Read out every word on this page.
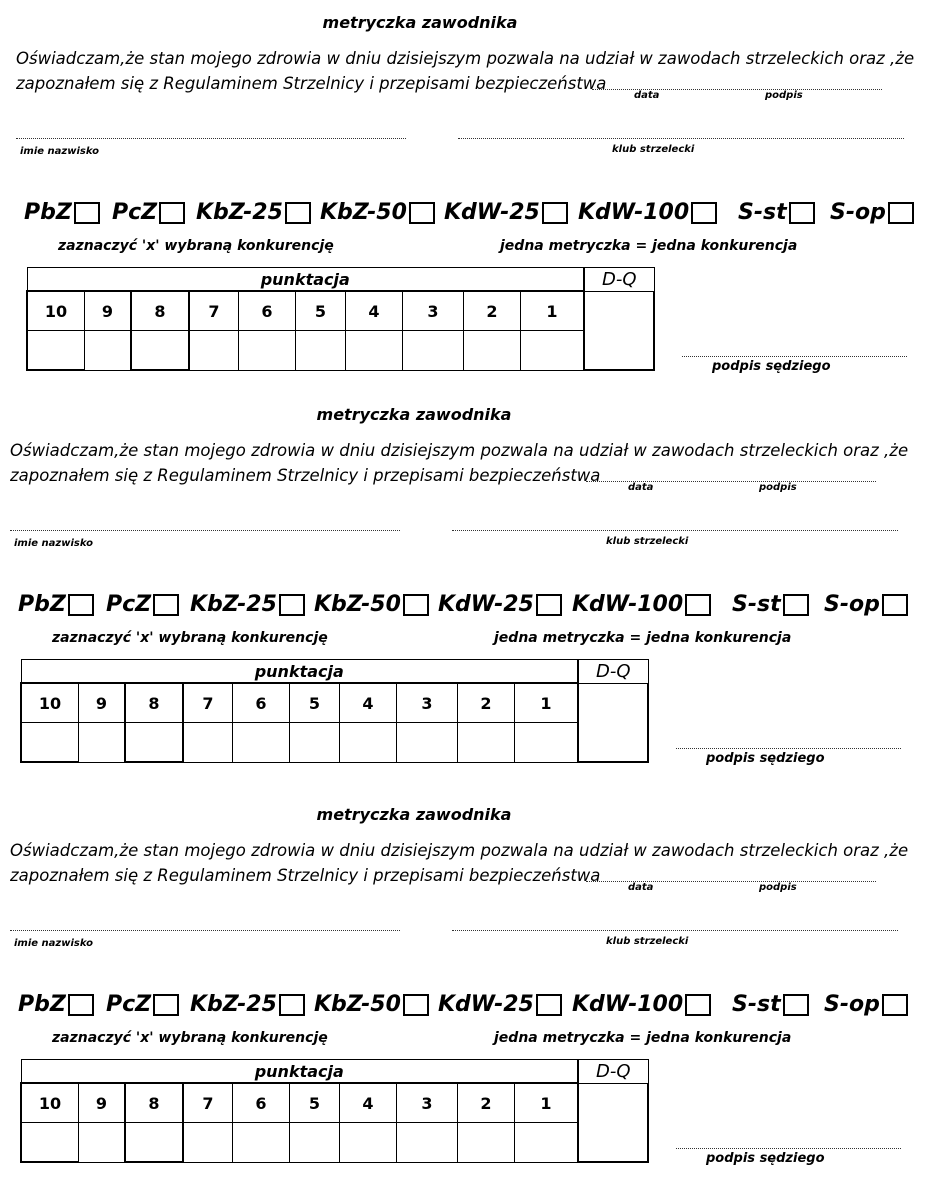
metryczka zawodnika
Oświadczam,że stan mojego zdrowia w dniu dzisiejszym pozwala na udział w zawodach strzeleckich oraz ,że
zapoznałem się z Regulaminem Strzelnicy i przepisami bezpieczeństwa
data	podpis
imie nazwisko	klub strzelecki
PbZ PcZ KbZ-25 KbZ-50 KdW-25 KdW-100 S-st S-op
zaznaczyć 'x' wybraną konkurencję	jedna metryczka = jedna konkurencja
punktacja										D-Q
10	9	8	7	6	5	4	3	2	1	

podpis sędziego
metryczka zawodnika
Oświadczam,że stan mojego zdrowia w dniu dzisiejszym pozwala na udział w zawodach strzeleckich oraz ,że
zapoznałem się z Regulaminem Strzelnicy i przepisami bezpieczeństwa
data	podpis
imie nazwisko	klub strzelecki
PbZ PcZ KbZ-25 KbZ-50 KdW-25 KdW-100 S-st S-op
zaznaczyć 'x' wybraną konkurencję	jedna metryczka = jedna konkurencja
punktacja										D-Q
10	9	8	7	6	5	4	3	2	1	

podpis sędziego
metryczka zawodnika
Oświadczam,że stan mojego zdrowia w dniu dzisiejszym pozwala na udział w zawodach strzeleckich oraz ,że
zapoznałem się z Regulaminem Strzelnicy i przepisami bezpieczeństwa
data	podpis
imie nazwisko	klub strzelecki
PbZ PcZ KbZ-25 KbZ-50 KdW-25 KdW-100 S-st S-op
zaznaczyć 'x' wybraną konkurencję	jedna metryczka = jedna konkurencja
punktacja										D-Q
10	9	8	7	6	5	4	3	2	1	

podpis sędziego
